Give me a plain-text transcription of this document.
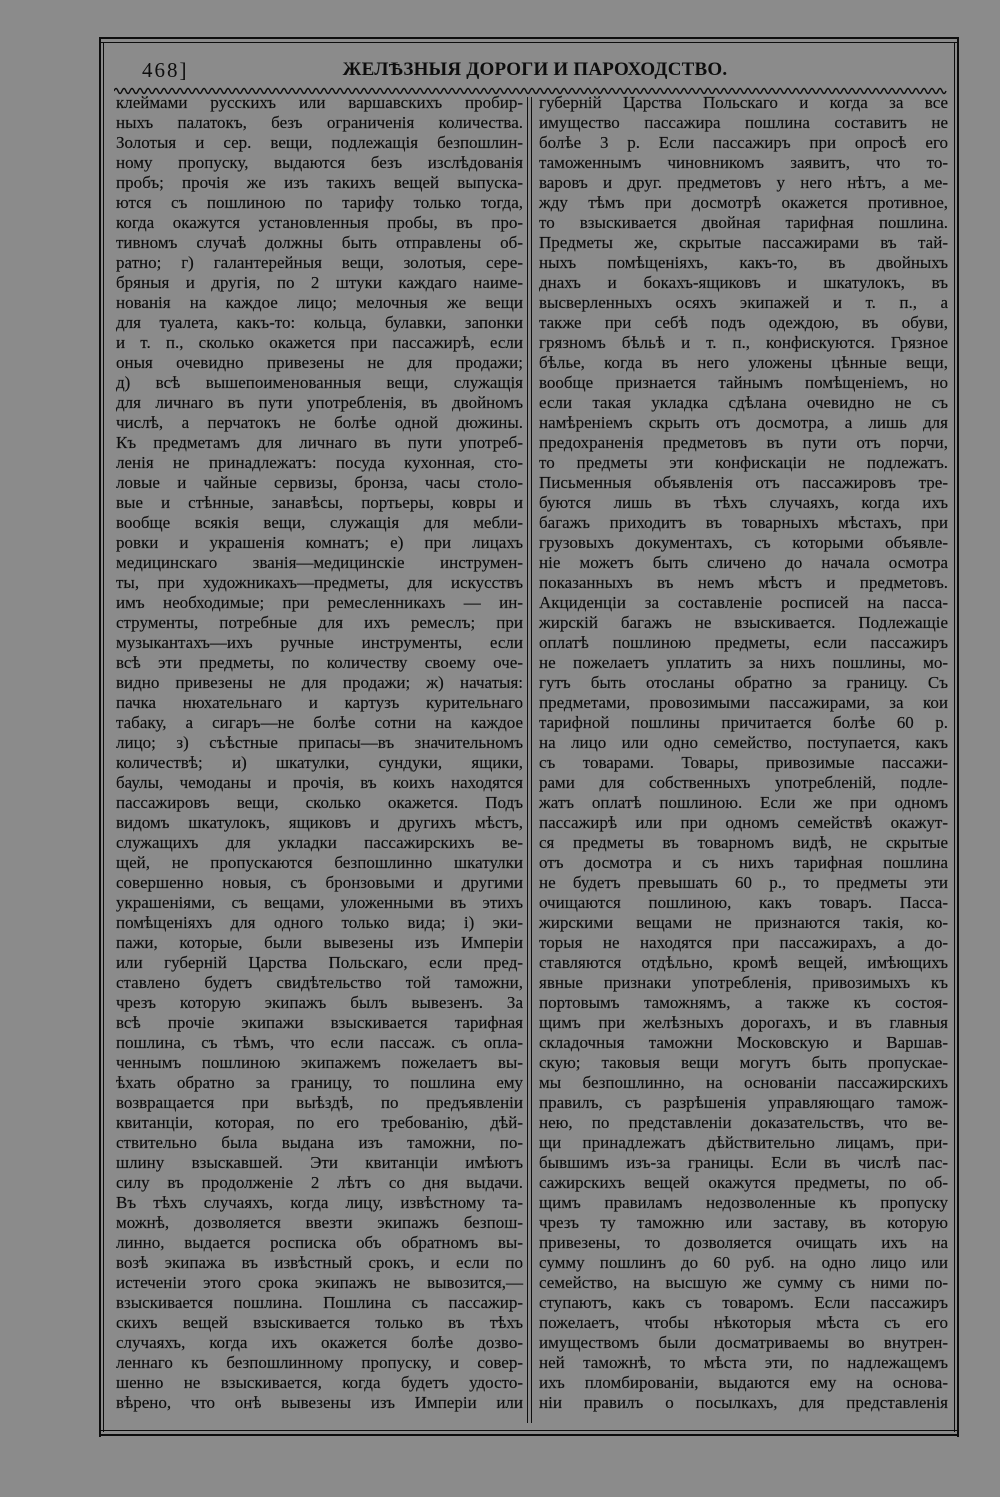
468]	ЖЕЛѢЗНЫЯ ДОРОГИ И ПАРОХОДСТВО.
клеймами русскихъ или варшавскихъ пробир-
ныхъ палатокъ, безъ ограниченія количества.
Золотыя и сер. вещи, подлежащія безпошлин-
ному пропуску, выдаются безъ изслѣдованія
пробъ; прочія же изъ такихъ вещей выпуска-
ются съ пошлиною по тарифу только тогда,
когда окажутся установленныя пробы, въ про-
тивномъ случаѣ должны быть отправлены об-
ратно; г) галантерейныя вещи, золотыя, сере-
бряныя и другія, по 2 штуки каждаго наиме-
нованія на каждое лицо; мелочныя же вещи
для туалета, какъ-то: кольца, булавки, запонки
и т. п., сколько окажется при пассажирѣ, если
оныя очевидно привезены не для продажи;
д) всѣ вышепоименованныя вещи, служащія
для личнаго въ пути употребленія, въ двойномъ
числѣ, а перчатокъ не болѣе одной дюжины.
Къ предметамъ для личнаго въ пути употреб-
ленія не принадлежатъ: посуда кухонная, сто-
ловые и чайные сервизы, бронза, часы столо-
вые и стѣнные, занавѣсы, портьеры, ковры и
вообще всякія вещи, служащія для мебли-
ровки и украшенія комнатъ; е) при лицахъ
медицинскаго званія—медицинскіе инструмен-
ты, при художникахъ—предметы, для искусствъ
имъ необходимые; при ремесленникахъ — ин-
струменты, потребные для ихъ ремеслъ; при
музыкантахъ—ихъ ручные инструменты, если
всѣ эти предметы, по количеству своему оче-
видно привезены не для продажи; ж) начатыя:
пачка нюхательнаго и картузъ курительнаго
табаку, а сигаръ—не болѣе сотни на каждое
лицо; з) съѣстные припасы—въ значительномъ
количествѣ; и) шкатулки, сундуки, ящики,
баулы, чемоданы и прочія, въ коихъ находятся
пассажировъ вещи, сколько окажется. Подъ
видомъ шкатулокъ, ящиковъ и другихъ мѣстъ,
служащихъ для укладки пассажирскихъ ве-
щей, не пропускаются безпошлинно шкатулки
совершенно новыя, съ бронзовыми и другими
украшеніями, съ вещами, уложенными въ этихъ
помѣщеніяхъ для одного только вида; і) эки-
пажи, которые, были вывезены изъ Имперіи
или губерній Царства Польскаго, если пред-
ставлено будетъ свидѣтельство той таможни,
чрезъ которую экипажъ былъ вывезенъ. За
всѣ прочіе экипажи взыскивается тарифная
пошлина, съ тѣмъ, что если пассаж. съ опла-
ченнымъ пошлиною экипажемъ пожелаетъ вы-
ѣхать обратно за границу, то пошлина ему
возвращается при выѣздѣ, по предъявленіи
квитанціи, которая, по его требованію, дѣй-
ствительно была выдана изъ таможни, по-
шлину взыскавшей. Эти квитанціи имѣютъ
силу въ продолженіе 2 лѣтъ со дня выдачи.
Въ тѣхъ случаяхъ, когда лицу, извѣстному та-
можнѣ, дозволяется ввезти экипажъ безпош-
линно, выдается росписка объ обратномъ вы-
возѣ экипажа въ извѣстный срокъ, и если по
истеченіи этого срока экипажъ не вывозится,—
взыскивается пошлина. Пошлина съ пассажир-
скихъ вещей взыскивается только въ тѣхъ
случаяхъ, когда ихъ окажется болѣе дозво-
леннаго къ безпошлинному пропуску, и совер-
шенно не взыскивается, когда будетъ удосто-
вѣрено, что онѣ вывезены изъ Имперіи или
губерній Царства Польскаго и когда за все
имущество пассажира пошлина составитъ не
болѣе 3 р. Если пассажиръ при опросѣ его
таможеннымъ чиновникомъ заявитъ, что то-
варовъ и друг. предметовъ у него нѣтъ, а ме-
жду тѣмъ при досмотрѣ окажется противное,
то взыскивается двойная тарифная пошлина.
Предметы же, скрытые пассажирами въ тай-
ныхъ помѣщеніяхъ, какъ-то, въ двойныхъ
днахъ и бокахъ-ящиковъ и шкатулокъ, въ
высверленныхъ осяхъ экипажей и т. п., а
также при себѣ подъ одеждою, въ обуви,
грязномъ бѣльѣ и т. п., конфискуются. Грязное
бѣлье, когда въ него уложены цѣнные вещи,
вообще признается тайнымъ помѣщеніемъ, но
если такая укладка сдѣлана очевидно не съ
намѣреніемъ скрыть отъ досмотра, а лишь для
предохраненія предметовъ въ пути отъ порчи,
то предметы эти конфискаціи не подлежатъ.
Письменныя объявленія отъ пассажировъ тре-
буются лишь въ тѣхъ случаяхъ, когда ихъ
багажъ приходитъ въ товарныхъ мѣстахъ, при
грузовыхъ документахъ, съ которыми объявле-
ніе можетъ быть сличено до начала осмотра
показанныхъ въ немъ мѣстъ и предметовъ.
Акциденціи за составленіе росписей на пасса-
жирскій багажъ не взыскивается. Подлежащіе
оплатѣ пошлиною предметы, если пассажиръ
не пожелаетъ уплатить за нихъ пошлины, мо-
гутъ быть отосланы обратно за границу. Съ
предметами, провозимыми пассажирами, за кои
тарифной пошлины причитается болѣе 60 р.
на лицо или одно семейство, поступается, какъ
съ товарами. Товары, привозимые пассажи-
рами для собственныхъ употребленій, подле-
жатъ оплатѣ пошлиною. Если же при одномъ
пассажирѣ или при одномъ семействѣ окажут-
ся предметы въ товарномъ видѣ, не скрытые
отъ досмотра и съ нихъ тарифная пошлина
не будетъ превышать 60 р., то предметы эти
очищаются пошлиною, какъ товаръ. Пасса-
жирскими вещами не признаются такія, ко-
торыя не находятся при пассажирахъ, а до-
ставляются отдѣльно, кромѣ вещей, имѣющихъ
явные признаки употребленія, привозимыхъ къ
портовымъ таможнямъ, а также къ состоя-
щимъ при желѣзныхъ дорогахъ, и въ главныя
складочныя таможни Московскую и Варшав-
скую; таковыя вещи могутъ быть пропускае-
мы безпошлинно, на основаніи пассажирскихъ
правилъ, съ разрѣшенія управляющаго тамож-
нею, по представленіи доказательствъ, что ве-
щи принадлежатъ дѣйствительно лицамъ, при-
бывшимъ изъ-за границы. Если въ числѣ пас-
сажирскихъ вещей окажутся предметы, по об-
щимъ правиламъ недозволенные къ пропуску
чрезъ ту таможню или заставу, въ которую
привезены, то дозволяется очищать ихъ на
сумму пошлинъ до 60 руб. на одно лицо или
семейство, на высшую же сумму съ ними по-
ступаютъ, какъ съ товаромъ. Если пассажиръ
пожелаетъ, чтобы нѣкоторыя мѣста съ его
имуществомъ были досматриваемы во внутрен-
ней таможнѣ, то мѣста эти, по надлежащемъ
ихъ пломбированіи, выдаются ему на основа-
ніи правилъ о посылкахъ, для представленія
